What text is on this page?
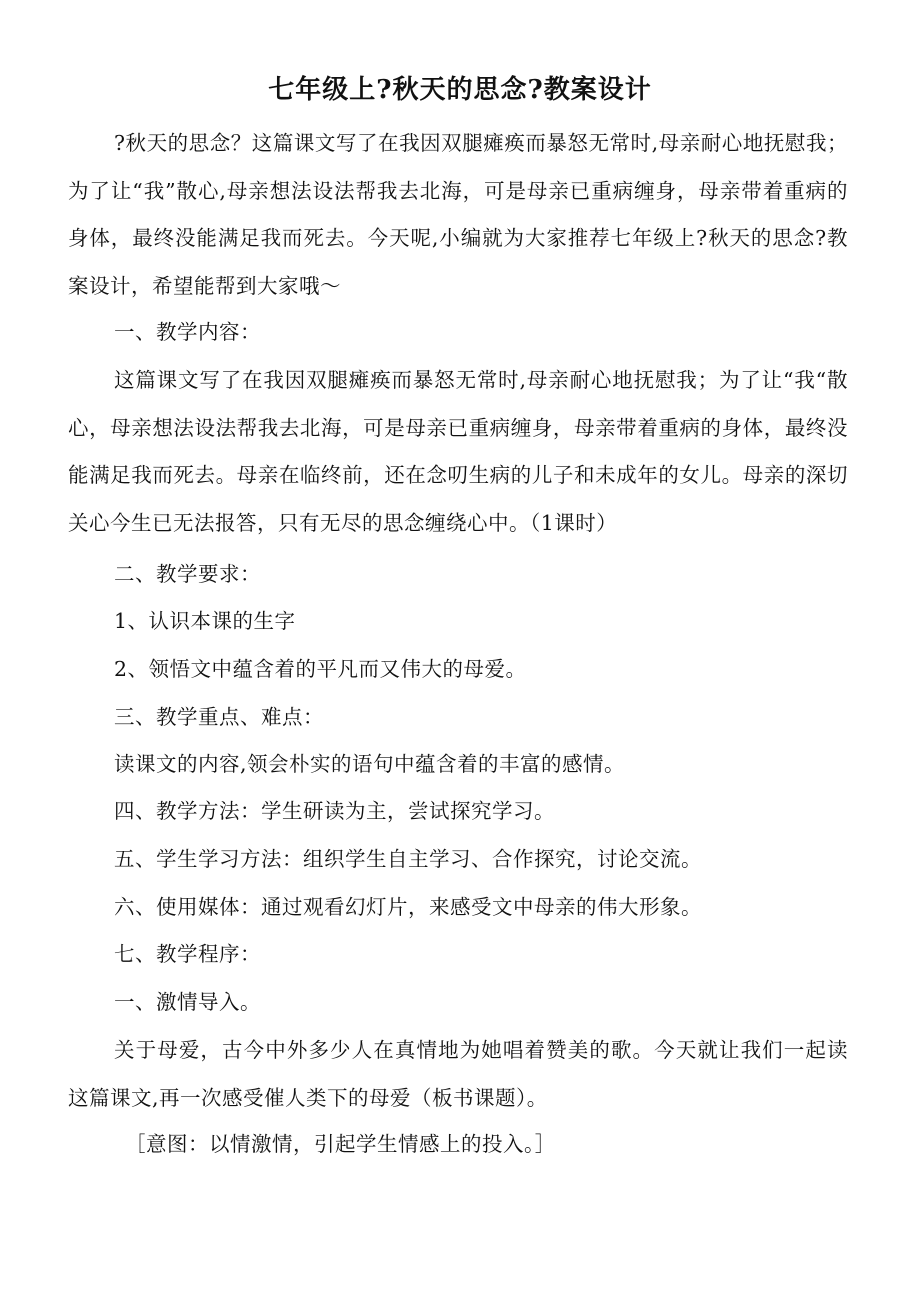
七年级上?秋天的思念?教案设计
?秋天的思念？这篇课文写了在我因双腿瘫痪而暴怒无常时,母亲耐心地抚慰我；为了让“我”散心,母亲想法设法帮我去北海，可是母亲已重病缠身，母亲带着重病的身体，最终没能满足我而死去。今天呢,小编就为大家推荐七年级上?秋天的思念?教案设计，希望能帮到大家哦～
一、教学内容：
这篇课文写了在我因双腿瘫痪而暴怒无常时,母亲耐心地抚慰我；为了让“我“散心，母亲想法设法帮我去北海，可是母亲已重病缠身，母亲带着重病的身体，最终没能满足我而死去。母亲在临终前，还在念叨生病的儿子和未成年的女儿。母亲的深切关心今生已无法报答，只有无尽的思念缠绕心中。（1课时）
二、教学要求：
1、认识本课的生字
2、领悟文中蕴含着的平凡而又伟大的母爱。
三、教学重点、难点：
读课文的内容,领会朴实的语句中蕴含着的丰富的感情。
四、教学方法：学生研读为主，尝试探究学习。
五、学生学习方法：组织学生自主学习、合作探究，讨论交流。
六、使用媒体：通过观看幻灯片，来感受文中母亲的伟大形象。
七、教学程序：
一、激情导入。
关于母爱，古今中外多少人在真情地为她唱着赞美的歌。今天就让我们一起读这篇课文,再一次感受催人类下的母爱（板书课题）。
［意图：以情激情，引起学生情感上的投入。］
